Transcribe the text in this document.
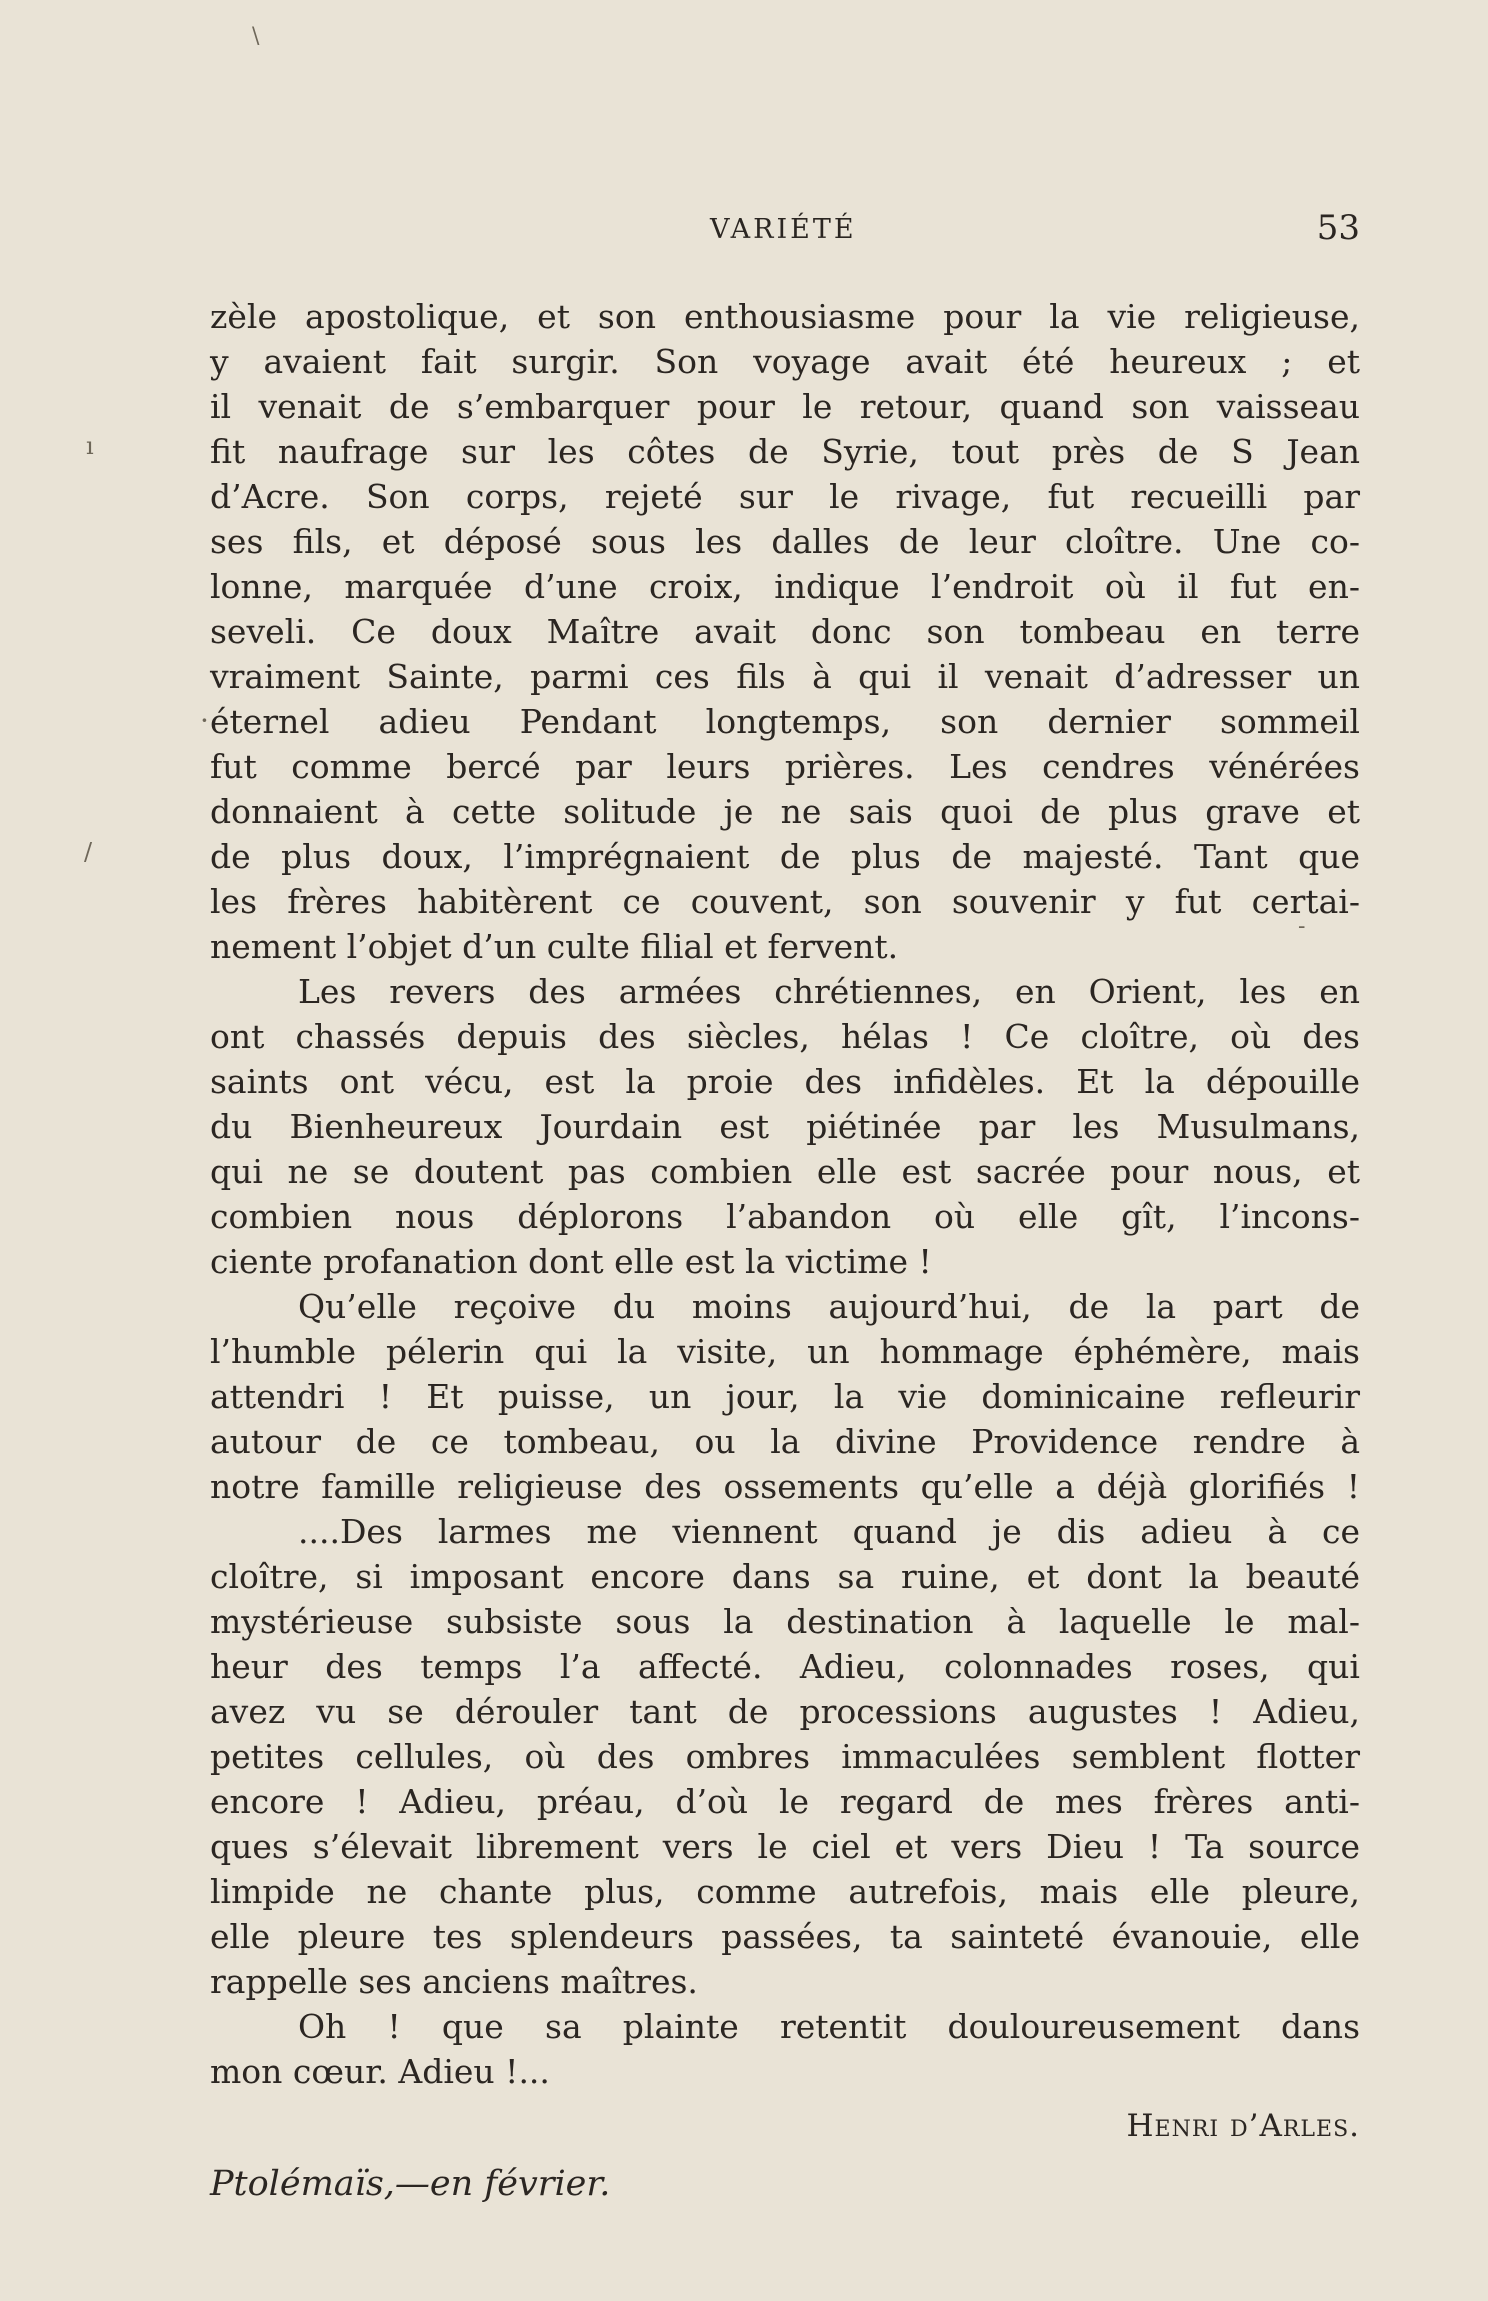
\
ı
·
/
-
VARIÉTÉ	53
zèle apostolique, et son enthousiasme pour la vie religieuse,
y avaient fait surgir. Son voyage avait été heureux ; et
il venait de s’embarquer pour le retour, quand son vaisseau
fit naufrage sur les côtes de Syrie, tout près de S Jean
d’Acre. Son corps, rejeté sur le rivage, fut recueilli par
ses fils, et déposé sous les dalles de leur cloître. Une co-
lonne, marquée d’une croix, indique l’endroit où il fut en-
seveli. Ce doux Maître avait donc son tombeau en terre
vraiment Sainte, parmi ces fils à qui il venait d’adresser un
éternel adieu Pendant longtemps, son dernier sommeil
fut comme bercé par leurs prières. Les cendres vénérées
donnaient à cette solitude je ne sais quoi de plus grave et
de plus doux, l’imprégnaient de plus de majesté. Tant que
les frères habitèrent ce couvent, son souvenir y fut certai-
nement l’objet d’un culte filial et fervent.
Les revers des armées chrétiennes, en Orient, les en
ont chassés depuis des siècles, hélas ! Ce cloître, où des
saints ont vécu, est la proie des infidèles. Et la dépouille
du Bienheureux Jourdain est piétinée par les Musulmans,
qui ne se doutent pas combien elle est sacrée pour nous, et
combien nous déplorons l’abandon où elle gît, l’incons-
ciente profanation dont elle est la victime !
Qu’elle reçoive du moins aujourd’hui, de la part de
l’humble pélerin qui la visite, un hommage éphémère, mais
attendri ! Et puisse, un jour, la vie dominicaine refleurir
autour de ce tombeau, ou la divine Providence rendre à
notre famille religieuse des ossements qu’elle a déjà glorifiés !
....Des larmes me viennent quand je dis adieu à ce
cloître, si imposant encore dans sa ruine, et dont la beauté
mystérieuse subsiste sous la destination à laquelle le mal-
heur des temps l’a affecté. Adieu, colonnades roses, qui
avez vu se dérouler tant de processions augustes ! Adieu,
petites cellules, où des ombres immaculées semblent flotter
encore ! Adieu, préau, d’où le regard de mes frères anti-
ques s’élevait librement vers le ciel et vers Dieu ! Ta source
limpide ne chante plus, comme autrefois, mais elle pleure,
elle pleure tes splendeurs passées, ta sainteté évanouie, elle
rappelle ses anciens maîtres.
Oh ! que sa plainte retentit douloureusement dans
mon cœur. Adieu !...
Henri d’Arles.
Ptolémaïs,—en février.
